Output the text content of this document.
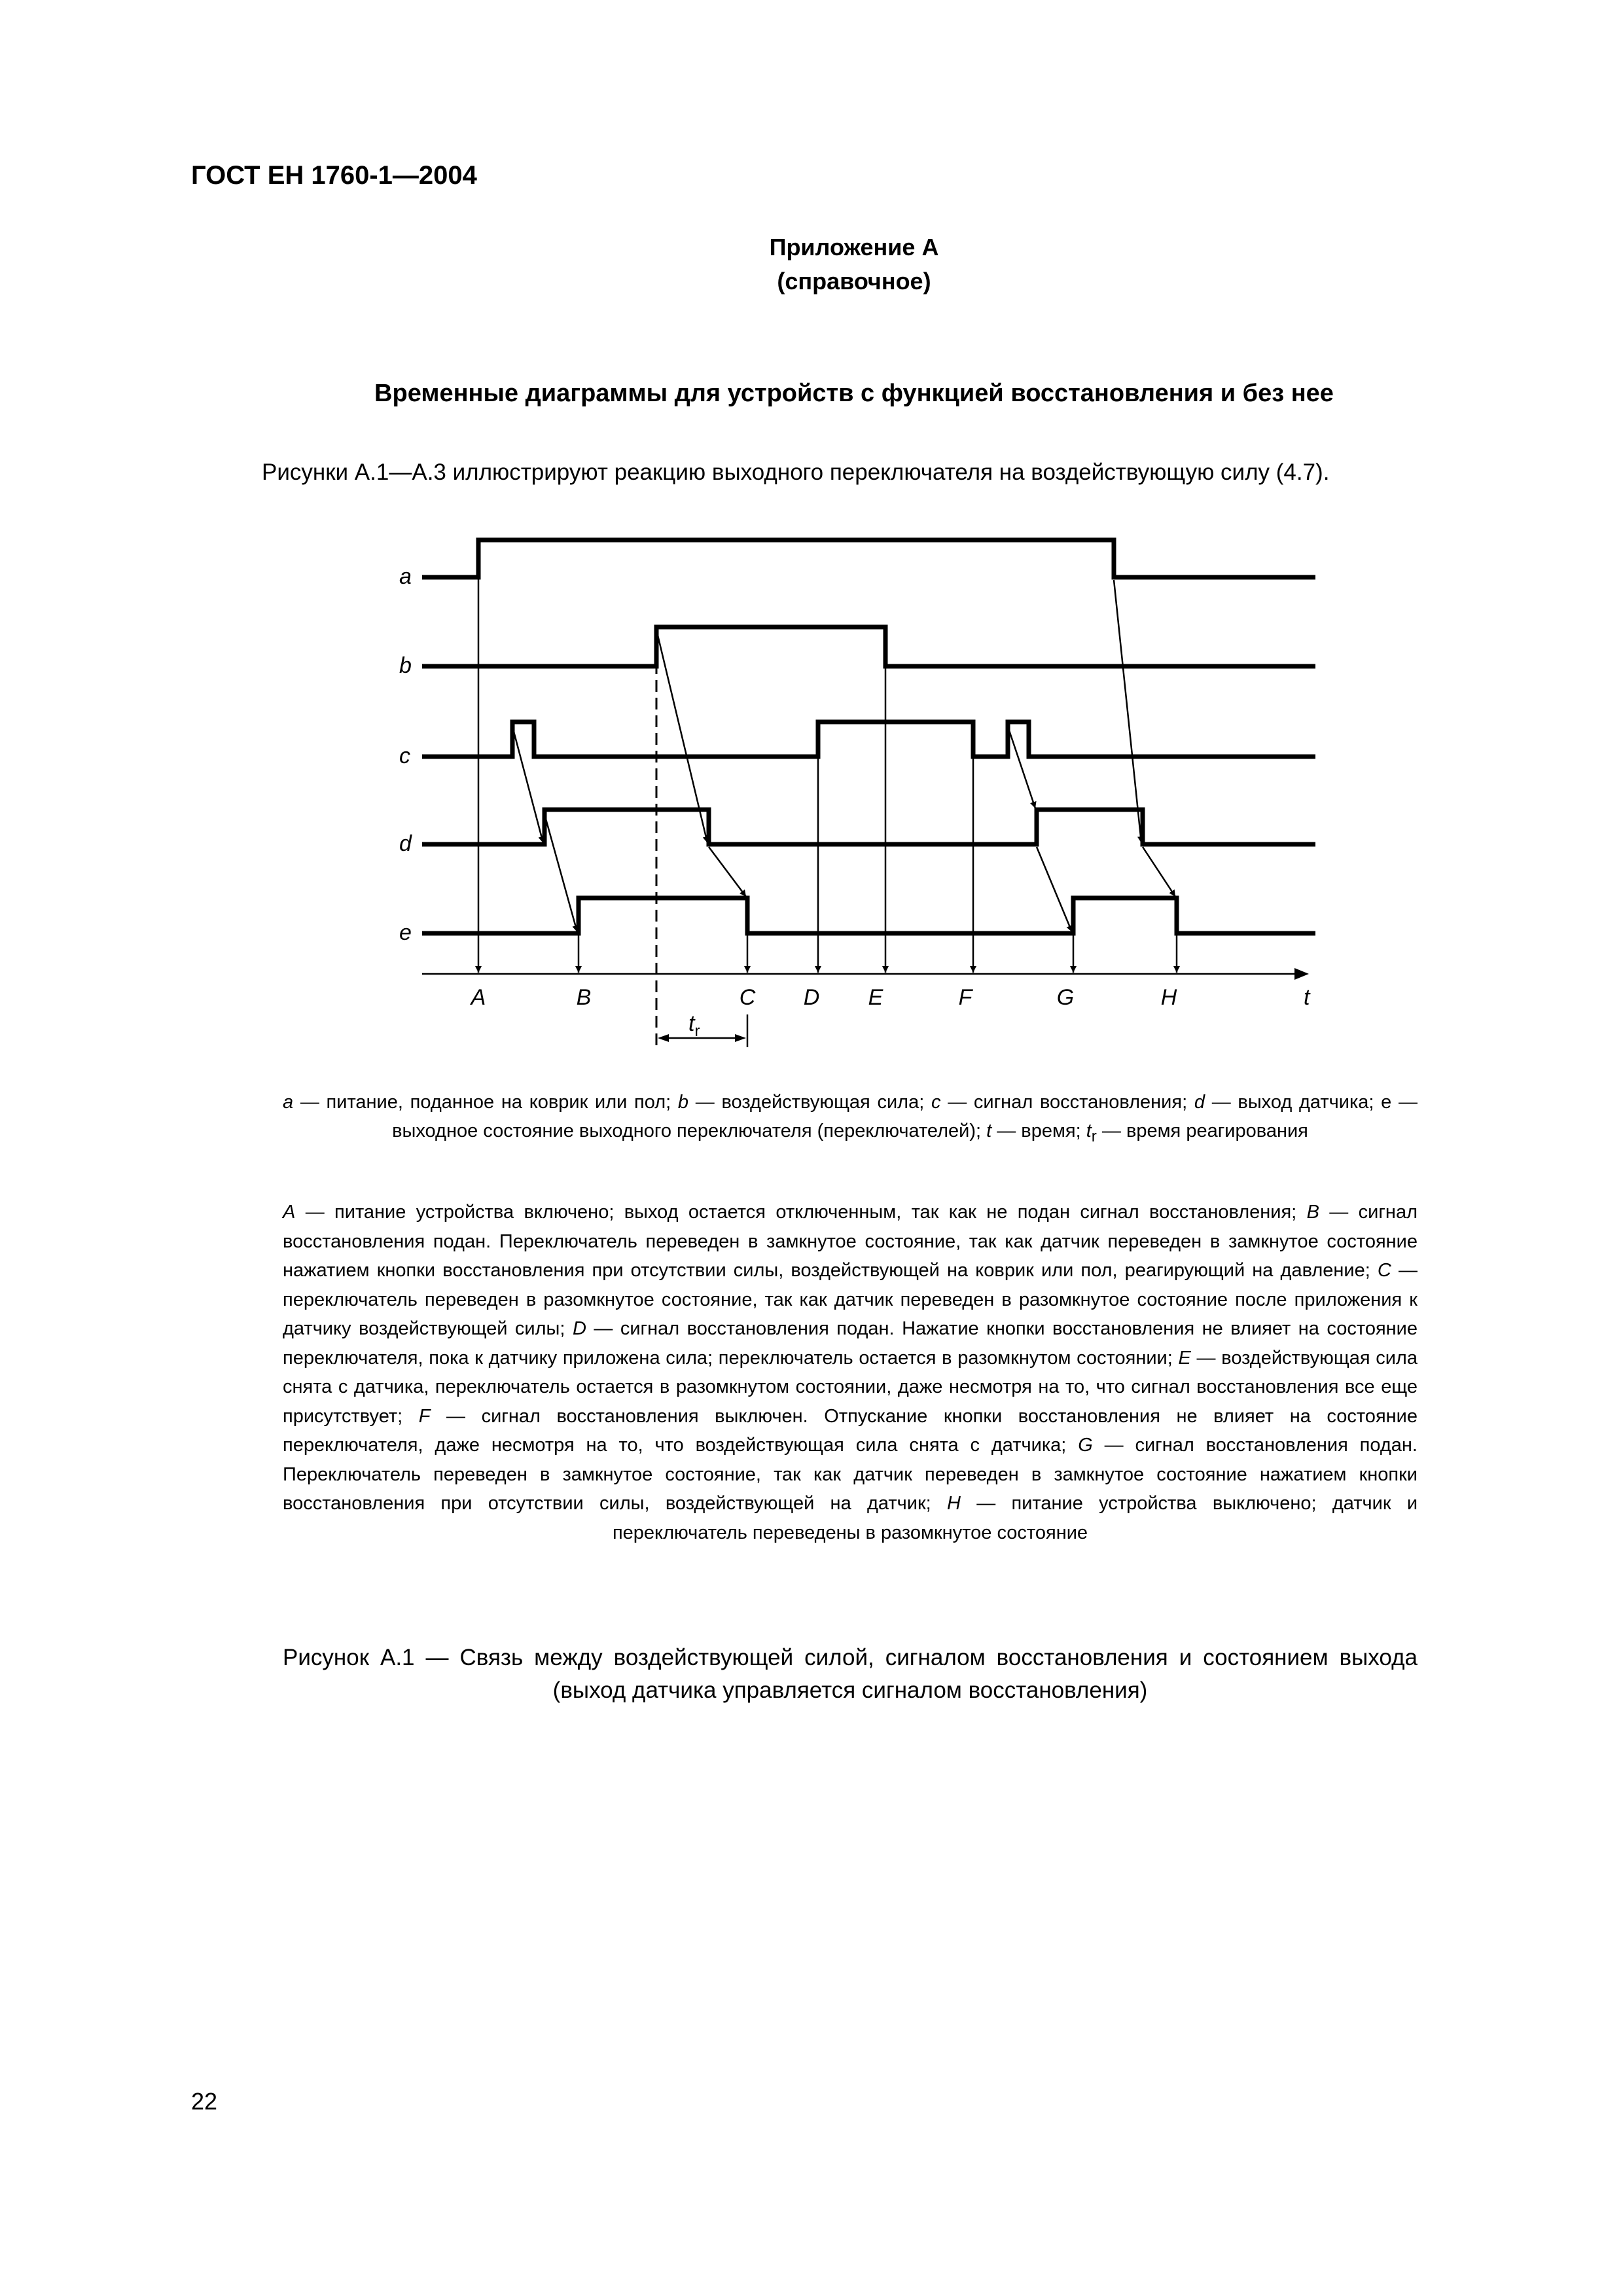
ГОСТ ЕН 1760-1—2004
Приложение А
(справочное)
Временные диаграммы для устройств с функцией восстановления и без нее
Рисунки А.1—А.3 иллюстрируют реакцию выходного переключателя на воздействующую силу (4.7).
a
b
c
d
e
t
A	B	C D E	F	G	H
$t_r$
a — питание, поданное на коврик или пол; b — воздействующая сила; c — сигнал восстановления; d — выход датчика; е — выходное состояние выходного переключателя (переключателей); t — время; $t_r$ — время реагирования
A — питание устройства включено; выход остается отключенным, так как не подан сигнал восстановления; B — сигнал восстановления подан. Переключатель переведен в замкнутое состояние, так как датчик переведен в замкнутое состояние нажатием кнопки восстановления при отсутствии силы, воздействующей на коврик или пол, реагирующий на давление; C — переключатель переведен в разомкнутое состояние, так как датчик переведен в разомкнутое состояние после приложения к датчику воздействующей силы; D — сигнал восстановления подан. Нажатие кнопки восстановления не влияет на состояние переключателя, пока к датчику приложена сила; переключатель остается в разомкнутом состоянии; E — воздействующая сила снята с датчика, переключатель остается в разомкнутом состоянии, даже несмотря на то, что сигнал восстановления все еще присутствует; F — сигнал восстановления выключен. Отпускание кнопки восстановления не влияет на состояние переключателя, даже несмотря на то, что воздействующая сила снята с датчика; G — сигнал восстановления подан. Переключатель переведен в замкнутое состояние, так как датчик переведен в замкнутое состояние нажатием кнопки восстановления при отсутствии силы, воздействующей на датчик; H — питание устройства выключено; датчик и переключатель переведены в разомкнутое состояние
Рисунок А.1 — Связь между воздействующей силой, сигналом восстановления и состоянием выхода (выход датчика управляется сигналом восстановления)
22
